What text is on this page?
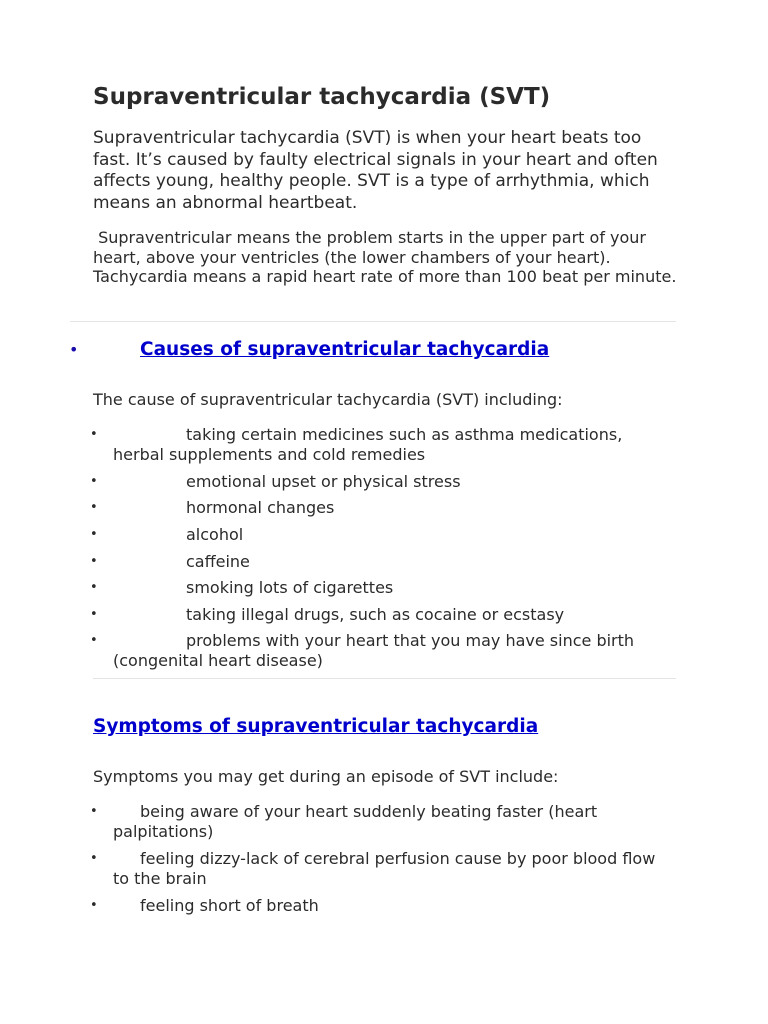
Supraventricular tachycardia (SVT)

Supraventricular tachycardia (SVT) is when your heart beats too fast. It’s caused by faulty electrical signals in your heart and often affects young, healthy people. SVT is a type of arrhythmia, which means an abnormal heartbeat.

Supraventricular means the problem starts in the upper part of your heart, above your ventricles (the lower chambers of your heart). Tachycardia means a rapid heart rate of more than 100 beat per minute.

•	Causes of supraventricular tachycardia

The cause of supraventricular tachycardia (SVT) including:

•	taking certain medicines such as asthma medications, herbal supplements and cold remedies
•	emotional upset or physical stress
•	hormonal changes
•	alcohol
•	caffeine
•	smoking lots of cigarettes
•	taking illegal drugs, such as cocaine or ecstasy
•	problems with your heart that you may have since birth (congenital heart disease)
Symptoms of supraventricular tachycardia

Symptoms you may get during an episode of SVT include:

•	being aware of your heart suddenly beating faster (heart palpitations)
•	feeling dizzy-lack of cerebral perfusion cause by poor blood flow to the brain
•	feeling short of breath
